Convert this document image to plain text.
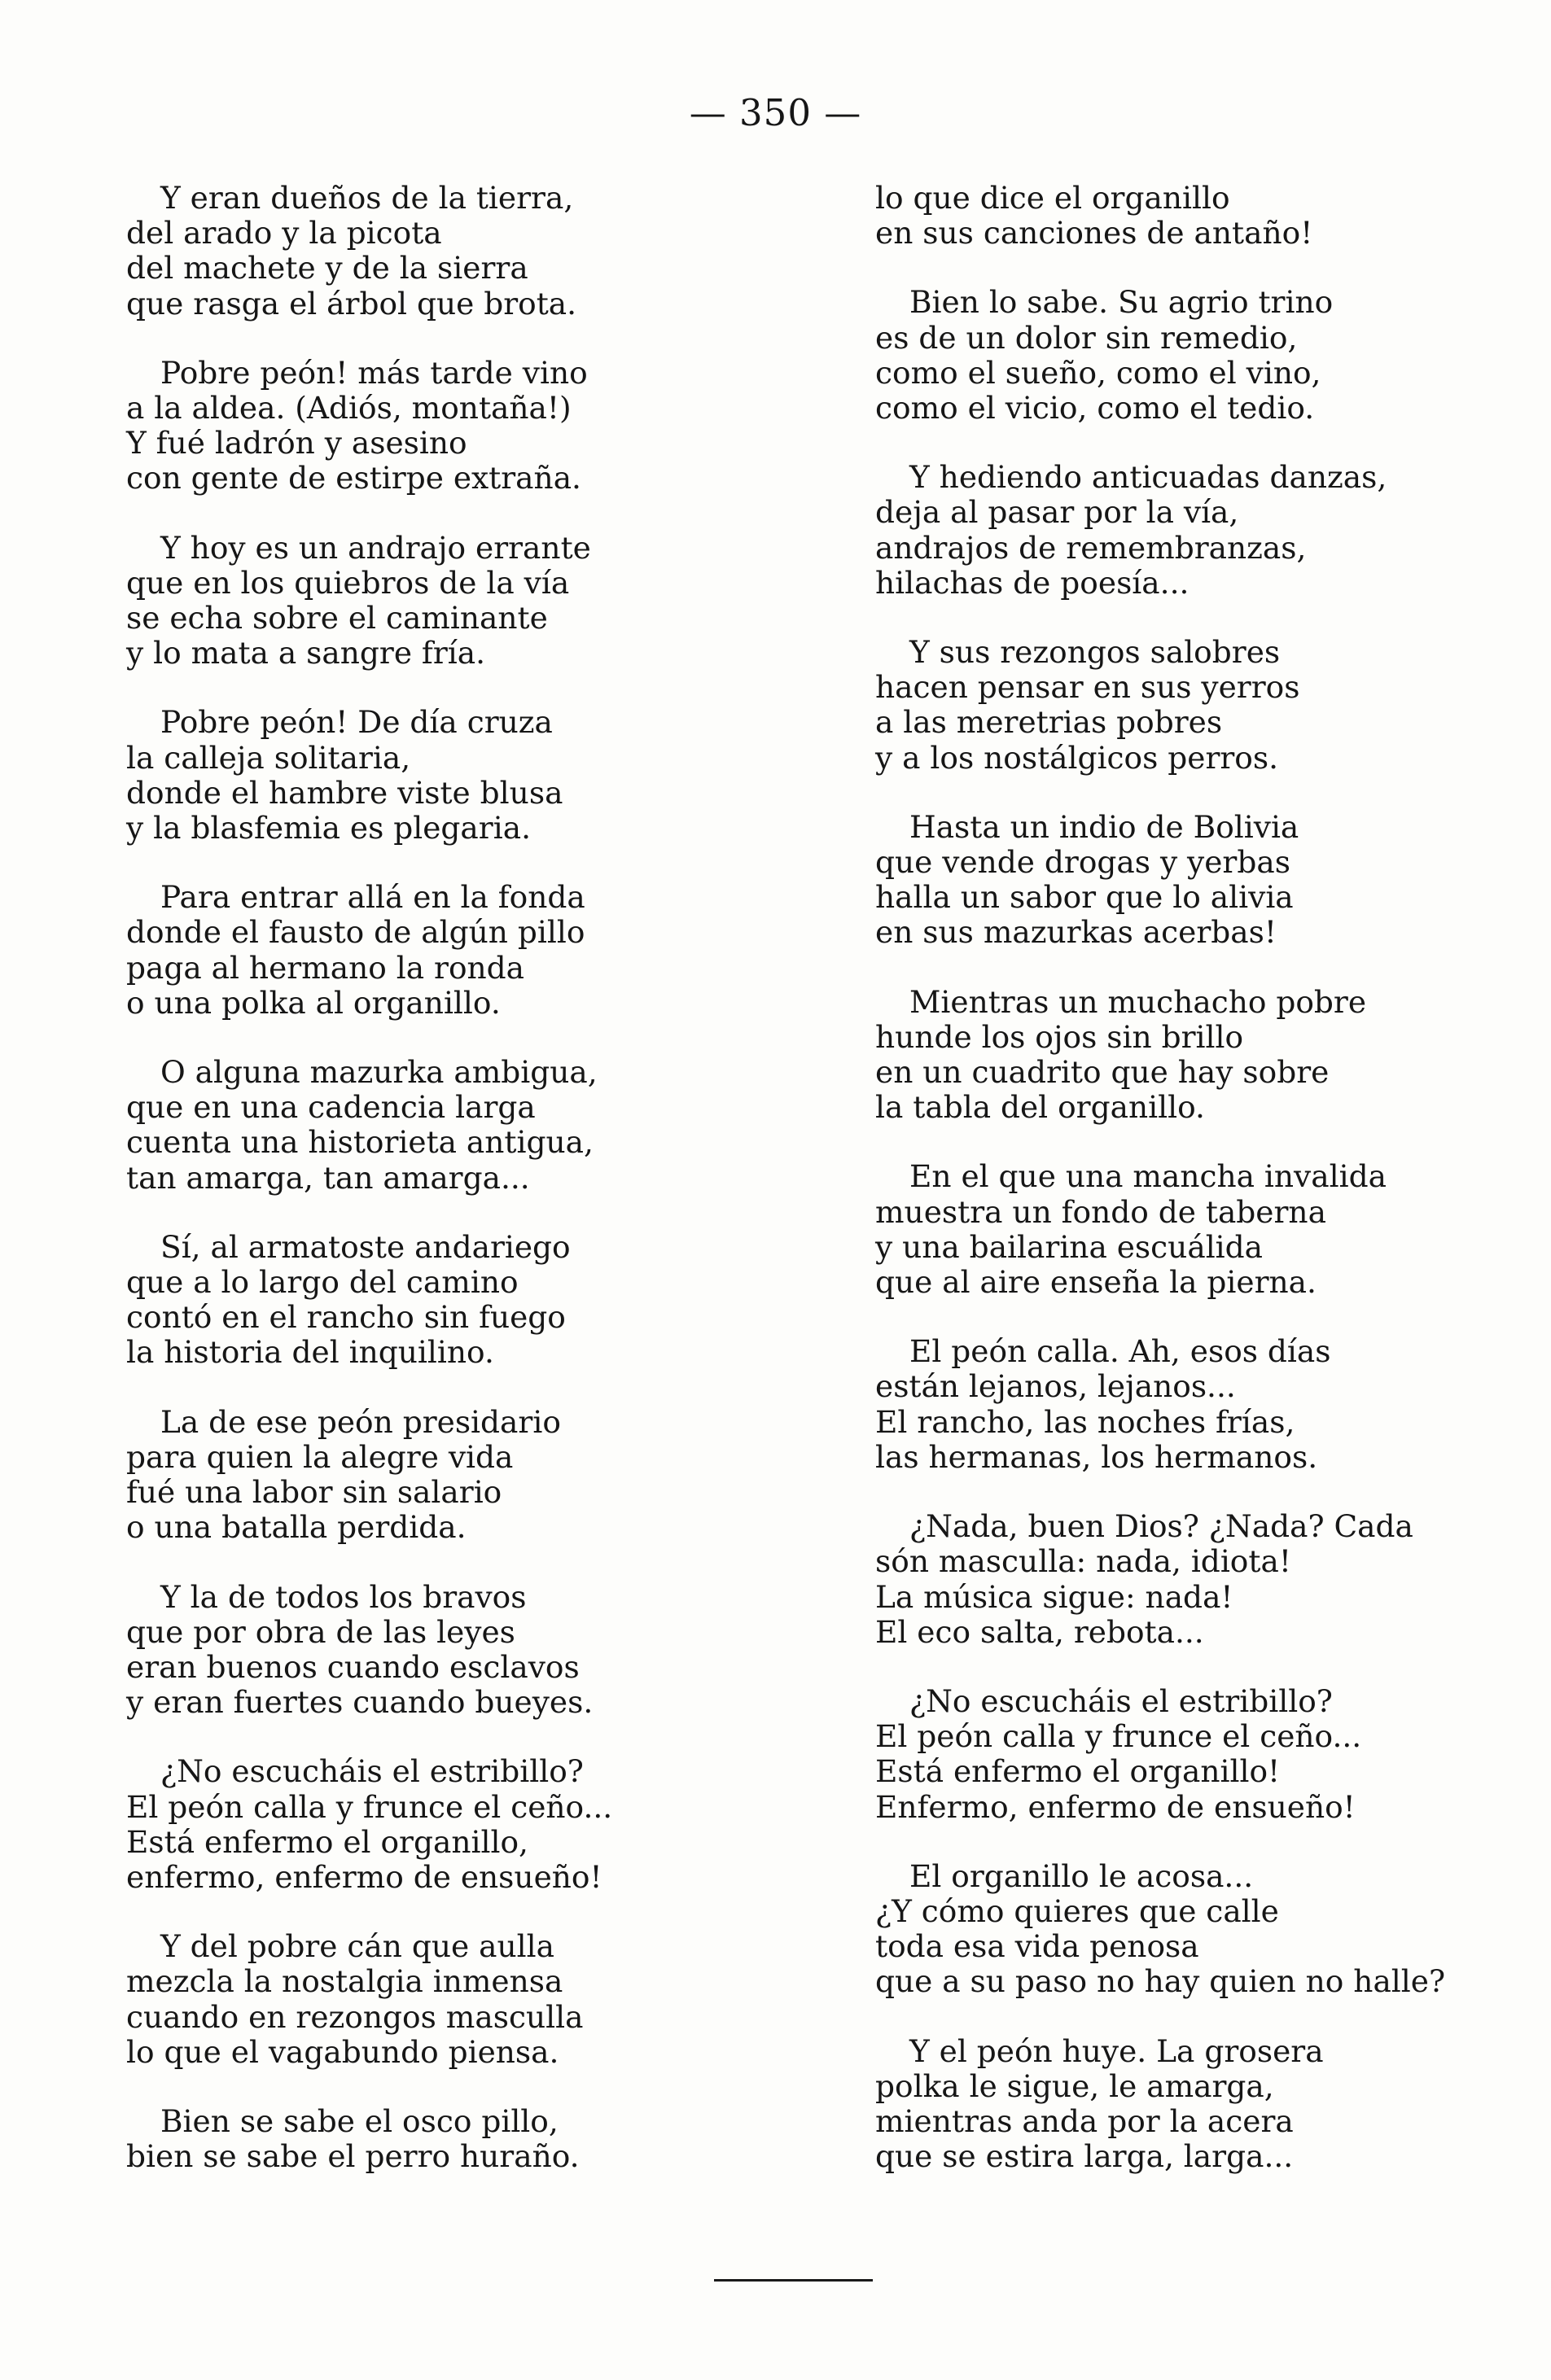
— 350 —
Y eran dueños de la tierra,
del arado y la picota
del machete y de la sierra
que rasga el árbol que brota.
Pobre peón! más tarde vino
a la aldea. (Adiós, montaña!)
Y fué ladrón y asesino
con gente de estirpe extraña.
Y hoy es un andrajo errante
que en los quiebros de la vía
se echa sobre el caminante
y lo mata a sangre fría.
Pobre peón! De día cruza
la calleja solitaria,
donde el hambre viste blusa
y la blasfemia es plegaria.
Para entrar allá en la fonda
donde el fausto de algún pillo
paga al hermano la ronda
o una polka al organillo.
O alguna mazurka ambigua,
que en una cadencia larga
cuenta una historieta antigua,
tan amarga, tan amarga...
Sí, al armatoste andariego
que a lo largo del camino
contó en el rancho sin fuego
la historia del inquilino.
La de ese peón presidario
para quien la alegre vida
fué una labor sin salario
o una batalla perdida.
Y la de todos los bravos
que por obra de las leyes
eran buenos cuando esclavos
y eran fuertes cuando bueyes.
¿No escucháis el estribillo?
El peón calla y frunce el ceño...
Está enfermo el organillo,
enfermo, enfermo de ensueño!
Y del pobre cán que aulla
mezcla la nostalgia inmensa
cuando en rezongos masculla
lo que el vagabundo piensa.
Bien se sabe el osco pillo,
bien se sabe el perro huraño.
lo que dice el organillo
en sus canciones de antaño!
Bien lo sabe. Su agrio trino
es de un dolor sin remedio,
como el sueño, como el vino,
como el vicio, como el tedio.
Y hediendo anticuadas danzas,
deja al pasar por la vía,
andrajos de remembranzas,
hilachas de poesía...
Y sus rezongos salobres
hacen pensar en sus yerros
a las meretrias pobres
y a los nostálgicos perros.
Hasta un indio de Bolivia
que vende drogas y yerbas
halla un sabor que lo alivia
en sus mazurkas acerbas!
Mientras un muchacho pobre
hunde los ojos sin brillo
en un cuadrito que hay sobre
la tabla del organillo.
En el que una mancha invalida
muestra un fondo de taberna
y una bailarina escuálida
que al aire enseña la pierna.
El peón calla. Ah, esos días
están lejanos, lejanos...
El rancho, las noches frías,
las hermanas, los hermanos.
¿Nada, buen Dios? ¿Nada? Cada
són masculla: nada, idiota!
La música sigue: nada!
El eco salta, rebota...
¿No escucháis el estribillo?
El peón calla y frunce el ceño...
Está enfermo el organillo!
Enfermo, enfermo de ensueño!
El organillo le acosa...
¿Y cómo quieres que calle
toda esa vida penosa
que a su paso no hay quien no halle?
Y el peón huye. La grosera
polka le sigue, le amarga,
mientras anda por la acera
que se estira larga, larga...
